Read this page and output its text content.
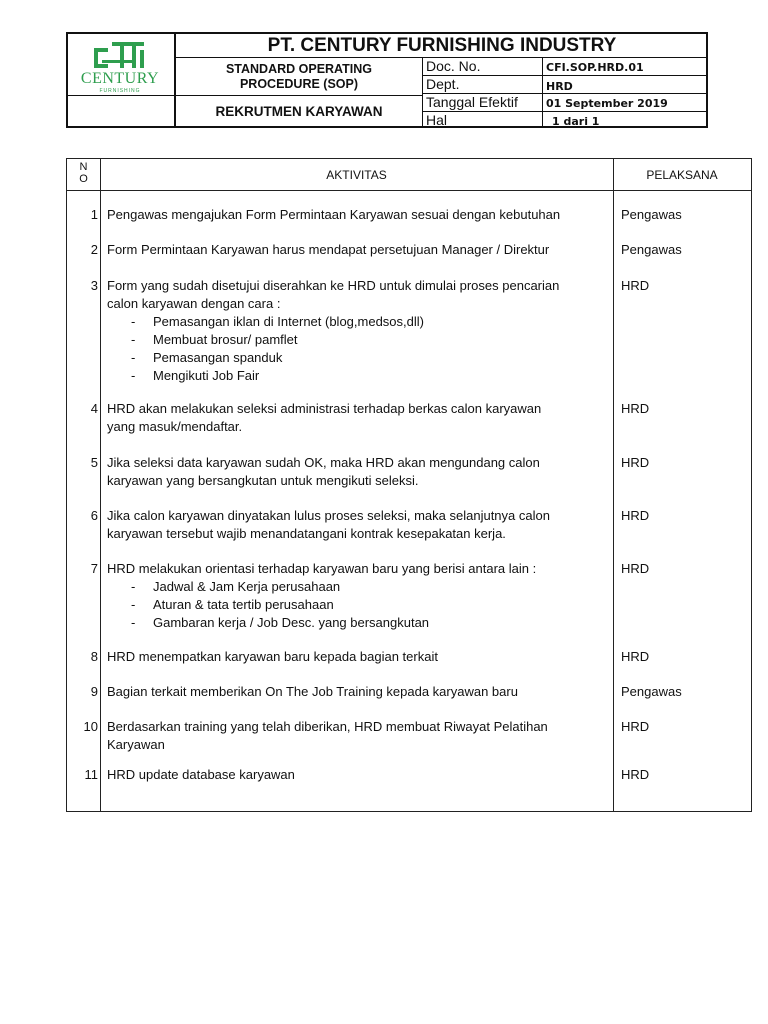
CENTURY
FURNISHING
PT. CENTURY FURNISHING INDUSTRY
STANDARD OPERATING
PROCEDURE (SOP)
REKRUTMEN KARYAWAN
Doc. No.	CFI.SOP.HRD.01
Dept.	HRD
Tanggal Efektif	01 September 2019
Hal	1 dari 1
N
O	AKTIVITAS	PELAKSANA
1 Pengawas mengajukan Form Permintaan Karyawan sesuai dengan kebutuhan	Pengawas
2 Form Permintaan Karyawan harus mendapat persetujuan Manager / Direktur	Pengawas
3 Form yang sudah disetujui diserahkan ke HRD untuk dimulai proses pencarian
calon karyawan dengan cara :
- Pemasangan iklan di Internet (blog,medsos,dll)
- Membuat brosur/ pamflet
- Pemasangan spanduk
- Mengikuti Job Fair
HRD
4 HRD akan melakukan seleksi administrasi terhadap berkas calon karyawan
yang masuk/mendaftar.
HRD
5 Jika seleksi data karyawan sudah OK, maka HRD akan mengundang calon
karyawan yang bersangkutan untuk mengikuti seleksi.
HRD
6 Jika calon karyawan dinyatakan lulus proses seleksi, maka selanjutnya calon
karyawan tersebut wajib menandatangani kontrak kesepakatan kerja.
HRD
7 HRD melakukan orientasi terhadap karyawan baru yang berisi antara lain :
- Jadwal & Jam Kerja perusahaan
- Aturan & tata tertib perusahaan
- Gambaran kerja / Job Desc. yang bersangkutan
HRD
8 HRD menempatkan karyawan baru kepada bagian terkait	HRD
9 Bagian terkait memberikan On The Job Training kepada karyawan baru	Pengawas
10 Berdasarkan training yang telah diberikan, HRD membuat Riwayat Pelatihan
Karyawan
HRD
11 HRD update database karyawan	HRD
